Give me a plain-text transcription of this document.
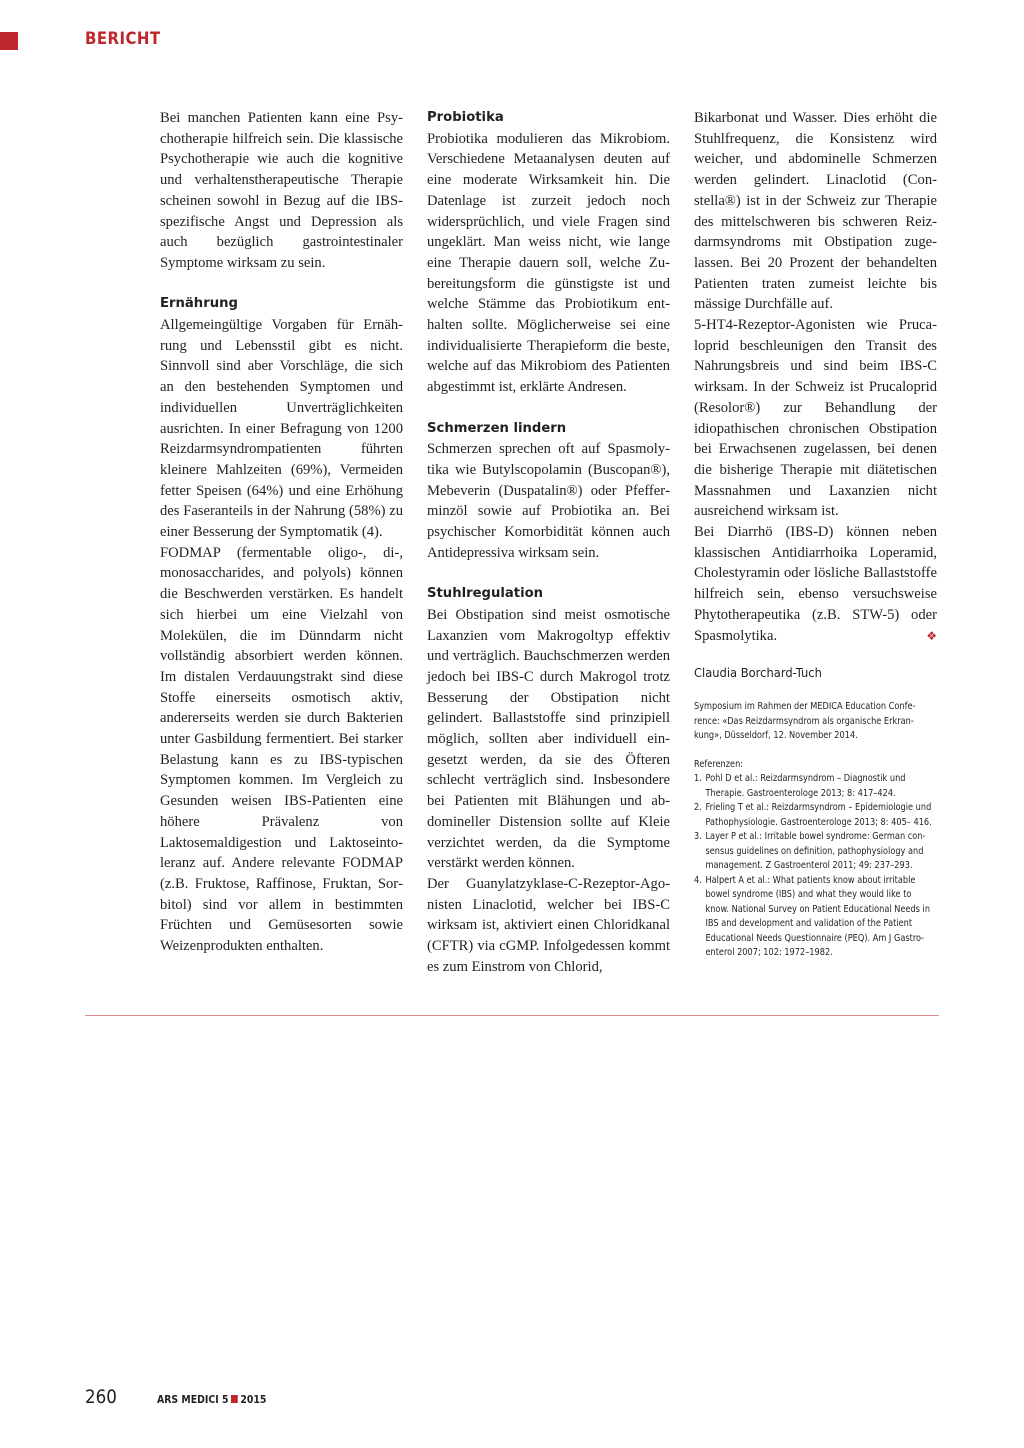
BERICHT

Bei manchen Patienten kann eine Psychotherapie hilfreich sein. Die klassische Psychotherapie wie auch die kognitive und verhaltenstherapeutische Therapie scheinen sowohl in Bezug auf die IBS-spezifische Angst und Depression als auch bezüglich gastrointestinaler Symptome wirksam zu sein.

Ernährung

Allgemeingültige Vorgaben für Ernährung und Lebensstil gibt es nicht. Sinnvoll sind aber Vorschläge, die sich an den bestehenden Symptomen und individuellen Unverträglichkeiten ausrichten. In einer Befragung von 1200 Reizdarmsyndrompatienten führten kleinere Mahlzeiten (69%), Vermeiden fetter Speisen (64%) und eine Erhöhung des Faseranteils in der Nahrung (58%) zu einer Besserung der Symptomatik (4).

FODMAP (fermentable oligo-, di-, monosaccharides, and polyols) können die Beschwerden verstärken. Es handelt sich hierbei um eine Vielzahl von Molekülen, die im Dünndarm nicht vollständig absorbiert werden können. Im distalen Verdauungstrakt sind diese Stoffe einerseits osmotisch aktiv, andererseits werden sie durch Bakterien unter Gasbildung fermentiert. Bei starker Belastung kann es zu IBS-typischen Symptomen kommen. Im Vergleich zu Gesunden weisen IBS-Patienten eine höhere Prävalenz von Laktosemaldigestion und Laktoseintoleranz auf. Andere relevante FODMAP (z.B. Fruktose, Raffinose, Fruktan, Sorbitol) sind vor allem in bestimmten Früchten und Gemüsesorten sowie Weizenprodukten enthalten.

Probiotika

Probiotika modulieren das Mikrobiom. Verschiedene Metaanalysen deuten auf eine moderate Wirksamkeit hin. Die Datenlage ist zurzeit jedoch noch widersprüchlich, und viele Fragen sind ungeklärt. Man weiss nicht, wie lange eine Therapie dauern soll, welche Zubereitungsform die günstigste ist und welche Stämme das Probiotikum enthalten sollte. Möglicherweise sei eine individualisierte Therapieform die beste, welche auf das Mikrobiom des Patienten abgestimmt ist, erklärte Andresen.

Schmerzen lindern

Schmerzen sprechen oft auf Spasmolytika wie Butylscopolamin (Buscopan®), Mebeverin (Duspatalin®) oder Pfefferminzöl sowie auf Probiotika an. Bei psychischer Komorbidität können auch Antidepressiva wirksam sein.

Stuhlregulation

Bei Obstipation sind meist osmotische Laxanzien vom Makrogoltyp effektiv und verträglich. Bauchschmerzen werden jedoch bei IBS-C durch Makrogol trotz Besserung der Obstipation nicht gelindert. Ballaststoffe sind prinzipiell möglich, sollten aber individuell eingesetzt werden, da sie des Öfteren schlecht verträglich sind. Insbesondere bei Patienten mit Blähungen und abdomineller Distension sollte auf Kleie verzichtet werden, da die Symptome verstärkt werden können.

Der Guanylatzyklase-C-Rezeptor-Agonisten Linaclotid, welcher bei IBS-C wirksam ist, aktiviert einen Chloridkanal (CFTR) via cGMP. Infolgedessen kommt es zum Einstrom von Chlorid,

Bikarbonat und Wasser. Dies erhöht die Stuhlfrequenz, die Konsistenz wird weicher, und abdominelle Schmerzen werden gelindert. Linaclotid (Constella®) ist in der Schweiz zur Therapie des mittelschweren bis schweren Reizdarmsyndroms mit Obstipation zugelassen. Bei 20 Prozent der behandelten Patienten traten zumeist leichte bis mässige Durchfälle auf.

5-HT4-Rezeptor-Agonisten wie Prucaloprid beschleunigen den Transit des Nahrungsbreis und sind beim IBS-C wirksam. In der Schweiz ist Prucaloprid (Resolor®) zur Behandlung der idiopathischen chronischen Obstipation bei Erwachsenen zugelassen, bei denen die bisherige Therapie mit diätetischen Massnahmen und Laxanzien nicht ausreichend wirksam ist.

Bei Diarrhö (IBS-D) können neben klassischen Antidiarrhoika Loperamid, Cholestyramin oder lösliche Ballaststoffe hilfreich sein, ebenso versuchsweise Phytotherapeutika (z.B. STW-5) oder Spasmolytika.	❖

Claudia Borchard-Tuch

Symposium im Rahmen der MEDICA Education Conference: «Das Reizdarmsyndrom als organische Erkrankung», Düsseldorf, 12. November 2014.

Referenzen:

1. Pohl D et al.: Reizdarmsyndrom – Diagnostik und Therapie. Gastroenterologe 2013; 8: 417–424.
2. Frieling T et al.: Reizdarmsyndrom – Epidemiologie und Pathophysiologie. Gastroenterologe 2013; 8: 405– 416.
3. Layer P et al.: Irritable bowel syndrome: German consensus guidelines on definition, pathophysiology and management. Z Gastroenterol 2011; 49: 237–293.
4. Halpert A et al.: What patients know about irritable bowel syndrome (IBS) and what they would like to know. National Survey on Patient Educational Needs in IBS and development and validation of the Patient Educational Needs Questionnaire (PEQ). Am J Gastroenterol 2007; 102: 1972–1982.
260	ARS MEDICI 5 2015
